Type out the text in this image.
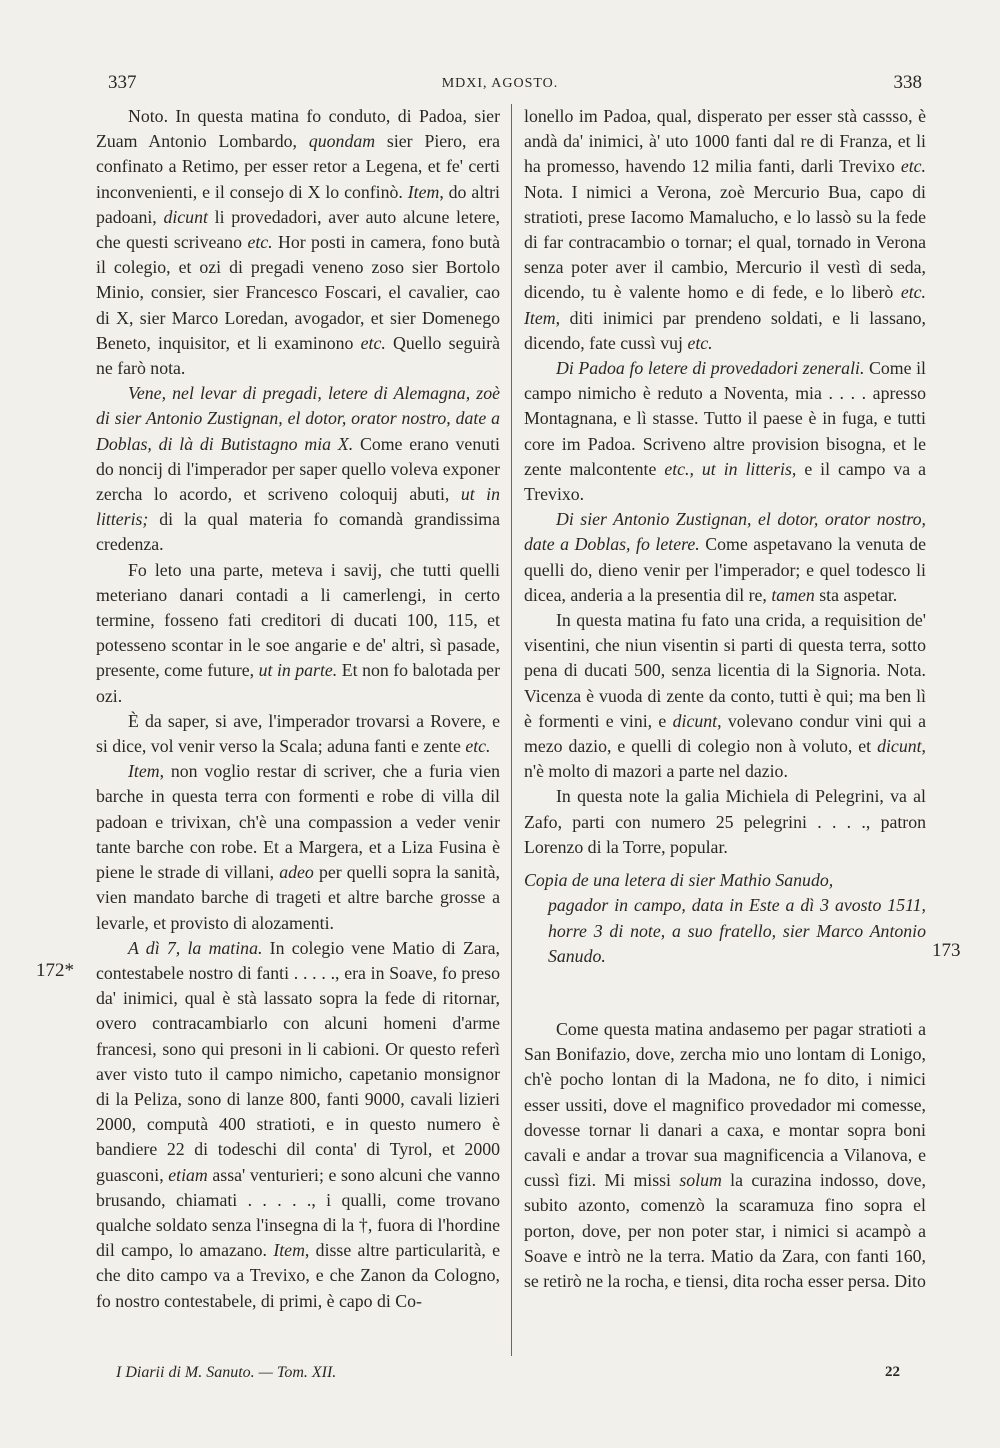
337	MDXI, AGOSTO.	338
172*
173

Noto. In questa matina fo conduto, di Padoa, sier Zuam Antonio Lombardo, quondam sier Piero, era confinato a Retimo, per esser retor a Legena, et fe' certi inconvenienti, e il consejo di X lo confinò. Item, do altri padoani, dicunt li provedadori, aver auto alcune letere, che questi scriveano etc. Hor posti in camera, fono butà il colegio, et ozi di pregadi veneno zoso sier Bortolo Minio, consier, sier Francesco Foscari, el cavalier, cao di X, sier Marco Loredan, avogador, et sier Domenego Beneto, inquisitor, et li examinono etc. Quello seguirà ne farò nota.

Vene, nel levar di pregadi, letere di Alemagna, zoè di sier Antonio Zustignan, el dotor, orator nostro, date a Doblas, di là di Butistagno mia X. Come erano venuti do noncij di l'imperador per saper quello voleva exponer zercha lo acordo, et scriveno coloquij abuti, ut in litteris; di la qual materia fo comandà grandissima credenza.

Fo leto una parte, meteva i savij, che tutti quelli meteriano danari contadi a li camerlengi, in certo termine, fosseno fati creditori di ducati 100, 115, et potesseno scontar in le soe angarie e de' altri, sì pasade, presente, come future, ut in parte. Et non fo balotada per ozi.

È da saper, si ave, l'imperador trovarsi a Rovere, e si dice, vol venir verso la Scala; aduna fanti e zente etc.

Item, non voglio restar di scriver, che a furia vien barche in questa terra con formenti e robe di villa dil padoan e trivixan, ch'è una compassion a veder venir tante barche con robe. Et a Margera, et a Liza Fusina è piene le strade di villani, adeo per quelli sopra la sanità, vien mandato barche di trageti et altre barche grosse a levarle, et provisto di alozamenti.

A dì 7, la matina. In colegio vene Matio di Zara, contestabele nostro di fanti . . . . ., era in Soave, fo preso da' inimici, qual è stà lassato sopra la fede di ritornar, overo contracambiarlo con alcuni homeni d'arme francesi, sono qui presoni in li cabioni. Or questo referì aver visto tuto il campo nimicho, capetanio monsignor di la Peliza, sono di lanze 800, fanti 9000, cavali lizieri 2000, computà 400 stratioti, e in questo numero è bandiere 22 di todeschi dil conta' di Tyrol, et 2000 guasconi, etiam assa' venturieri; e sono alcuni che vanno brusando, chiamati . . . . ., i qualli, come trovano qualche soldato senza l'insegna di la †, fuora di l'hordine dil campo, lo amazano. Item, disse altre particularità, e che dito campo va a Trevixo, e che Zanon da Cologno, fo nostro contestabele, di primi, è capo di Co-

lonello im Padoa, qual, disperato per esser stà cassso, è andà da' inimici, à' uto 1000 fanti dal re di Franza, et li ha promesso, havendo 12 milia fanti, darli Trevixo etc. Nota. I nimici a Verona, zoè Mercurio Bua, capo di stratioti, prese Iacomo Mamalucho, e lo lassò su la fede di far contracambio o tornar; el qual, tornado in Verona senza poter aver il cambio, Mercurio il vestì di seda, dicendo, tu è valente homo e di fede, e lo liberò etc. Item, diti inimici par prendeno soldati, e li lassano, dicendo, fate cussì vuj etc.

Di Padoa fo letere di provedadori zenerali. Come il campo nimicho è reduto a Noventa, mia . . . . apresso Montagnana, e lì stasse. Tutto il paese è in fuga, e tutti core im Padoa. Scriveno altre provision bisogna, et le zente malcontente etc., ut in litteris, e il campo va a Trevixo.

Di sier Antonio Zustignan, el dotor, orator nostro, date a Doblas, fo letere. Come aspetavano la venuta de quelli do, dieno venir per l'imperador; e quel todesco li dicea, anderia a la presentia dil re, tamen sta aspetar.

In questa matina fu fato una crida, a requisition de' visentini, che niun visentin si parti di questa terra, sotto pena di ducati 500, senza licentia di la Signoria. Nota. Vicenza è vuoda di zente da conto, tutti è qui; ma ben lì è formenti e vini, e dicunt, volevano condur vini qui a mezo dazio, e quelli di colegio non à voluto, et dicunt, n'è molto di mazori a parte nel dazio.

In questa note la galia Michiela di Pelegrini, va al Zafo, parti con numero 25 pelegrini . . . ., patron Lorenzo di la Torre, popular.

Copia de una letera di sier Mathio Sanudo,
pagador in campo, data in Este a dì 3 avosto 1511, horre 3 di note, a suo fratello, sier Marco Antonio Sanudo.

Come questa matina andasemo per pagar stratioti a San Bonifazio, dove, zercha mio uno lontam di Lonigo, ch'è pocho lontan di la Madona, ne fo dito, i nimici esser ussiti, dove el magnifico provedador mi comesse, dovesse tornar li danari a caxa, e montar sopra boni cavali e andar a trovar sua magnificencia a Vilanova, e cussì fizi. Mi missi solum la curazina indosso, dove, subito azonto, comenzò la scaramuza fino sopra el porton, dove, per non poter star, i nimici si acampò a Soave e intrò ne la terra. Matio da Zara, con fanti 160, se retirò ne la rocha, e tiensi, dita rocha esser persa. Dito

I Diarii di M. Sanuto. — Tom. XII.	22
